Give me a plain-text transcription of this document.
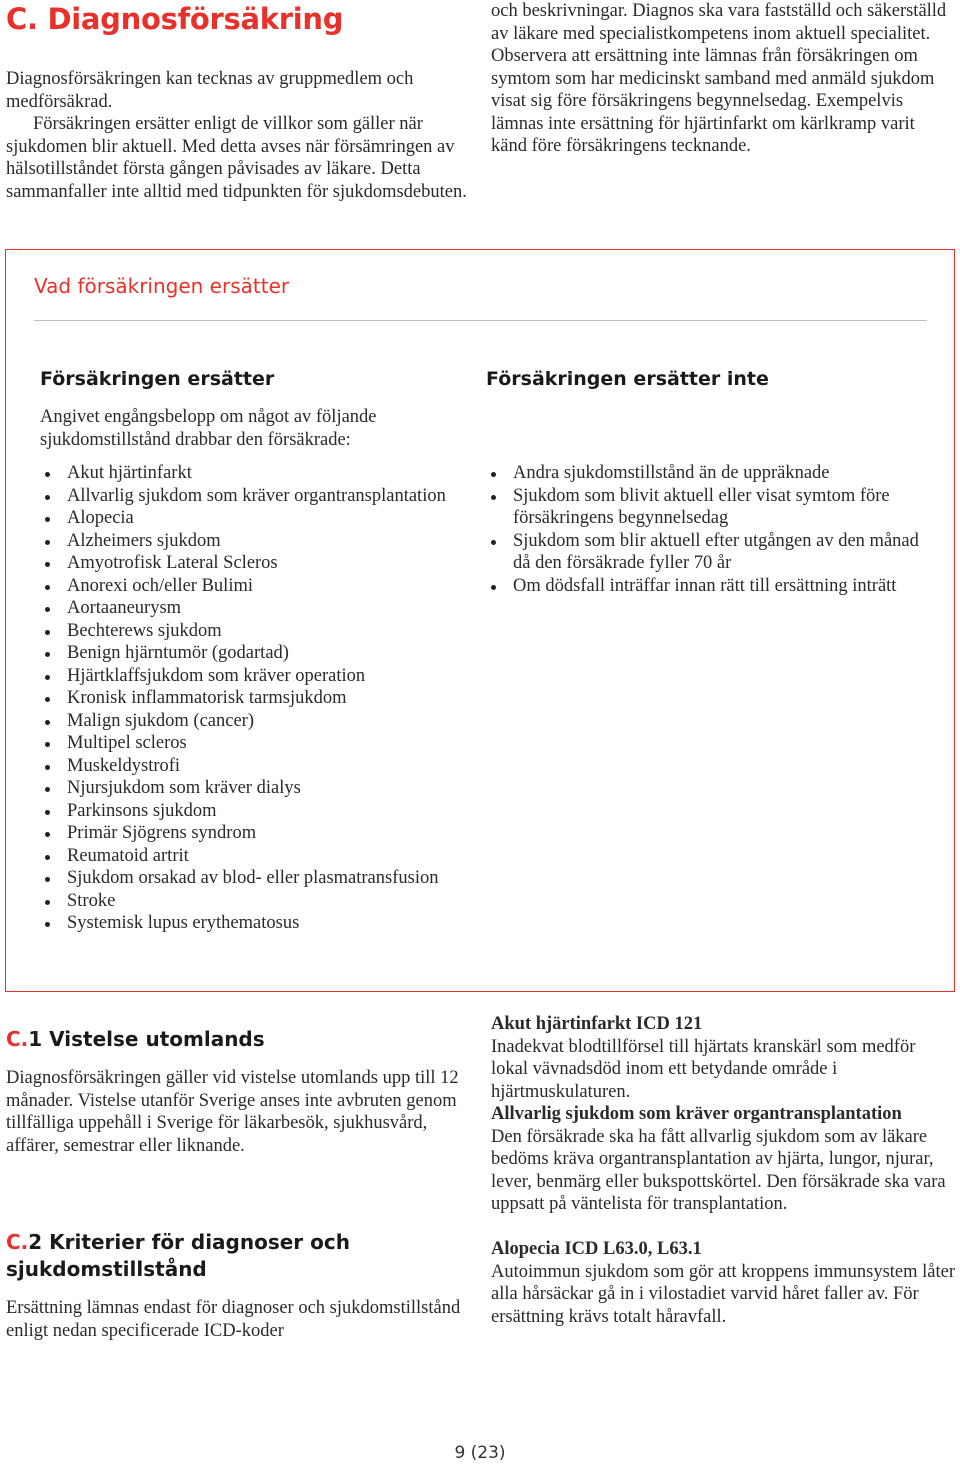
C. Diagnosförsäkring

Diagnosförsäkringen kan tecknas av gruppmedlem och medförsäkrad.

Försäkringen ersätter enligt de villkor som gäller när sjukdomen blir aktuell. Med detta avses när försämringen av hälsotillståndet första gången påvisades av läkare. Detta sammanfaller inte alltid med tidpunkten för sjukdomsdebuten.

och beskrivningar. Diagnos ska vara fastställd och säkerställd av läkare med specialistkompetens inom aktuell specialitet. Observera att ersättning inte lämnas från försäkringen om symtom som har medicinskt samband med anmäld sjukdom visat sig före försäkringens begynnelsedag. Exempelvis lämnas inte ersättning för hjärtinfarkt om kärlkramp varit känd före försäkringens tecknande.

Vad försäkringen ersätter
Försäkringen ersätter

Angivet engångsbelopp om något av följande sjukdomstillstånd drabbar den försäkrade:

Akut hjärtinfarkt
Allvarlig sjukdom som kräver organtransplantation
Alopecia
Alzheimers sjukdom
Amyotrofisk Lateral Scleros
Anorexi och/eller Bulimi
Aortaaneurysm
Bechterews sjukdom
Benign hjärntumör (godartad)
Hjärtklaffsjukdom som kräver operation
Kronisk inflammatorisk tarmsjukdom
Malign sjukdom (cancer)
Multipel scleros
Muskeldystrofi
Njursjukdom som kräver dialys
Parkinsons sjukdom
Primär Sjögrens syndrom
Reumatoid artrit
Sjukdom orsakad av blod- eller plasmatransfusion
Stroke
Systemisk lupus erythematosus
Försäkringen ersätter inte
Andra sjukdomstillstånd än de uppräknade
Sjukdom som blivit aktuell eller visat symtom före försäkringens begynnelsedag
Sjukdom som blir aktuell efter utgången av den månad då den försäkrade fyller 70 år
Om dödsfall inträffar innan rätt till ersättning inträtt
C.1 Vistelse utomlands

Diagnosförsäkringen gäller vid vistelse utomlands upp till 12 månader. Vistelse utanför Sverige anses inte avbruten genom tillfälliga uppehåll i Sverige för läkarbesök, sjukhusvård, affärer, semestrar eller liknande.

C.2 Kriterier för diagnoser och sjukdomstillstånd

Ersättning lämnas endast för diagnoser och sjukdomstillstånd enligt nedan specificerade ICD-koder

Akut hjärtinfarkt ICD 121

Inadekvat blodtillförsel till hjärtats kranskärl som medför lokal vävnadsdöd inom ett betydande område i hjärtmuskulaturen.

Allvarlig sjukdom som kräver organtransplantation

Den försäkrade ska ha fått allvarlig sjukdom som av läkare bedöms kräva organtransplantation av hjärta, lungor, njurar, lever, benmärg eller bukspottskörtel. Den försäkrade ska vara uppsatt på väntelista för transplantation.

Alopecia ICD L63.0, L63.1

Autoimmun sjukdom som gör att kroppens immunsystem låter alla hårsäckar gå in i vilostadiet varvid håret faller av. För ersättning krävs totalt håravfall.

9 (23)
